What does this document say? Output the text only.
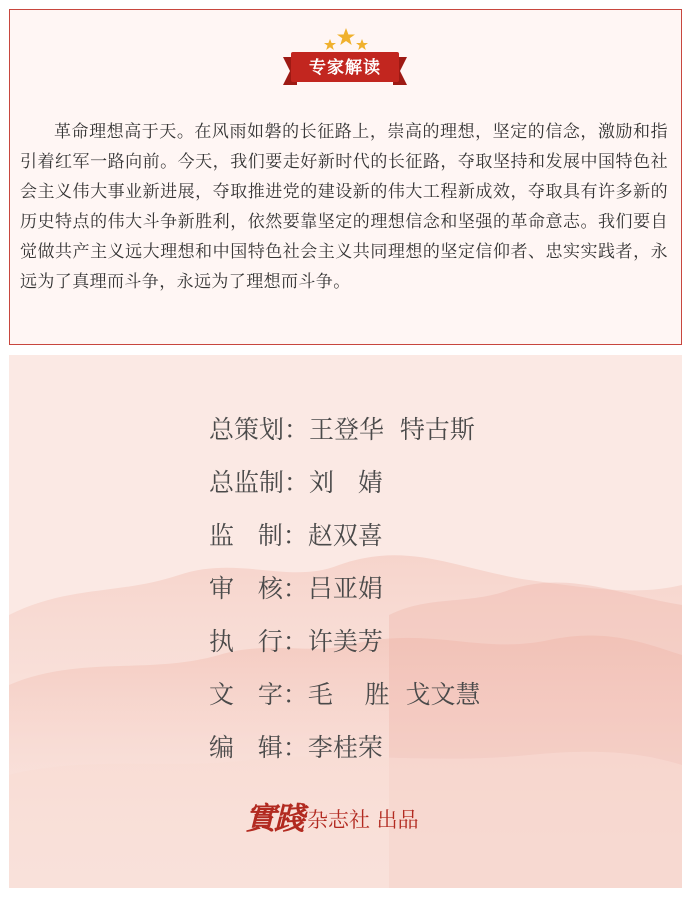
专家解读

革命理想高于天。在风雨如磐的长征路上，崇高的理想，坚定的信念，激励和指引着红军一路向前。今天，我们要走好新时代的长征路，夺取坚持和发展中国特色社会主义伟大事业新进展，夺取推进党的建设新的伟大工程新成效，夺取具有许多新的历史特点的伟大斗争新胜利，依然要靠坚定的理想信念和坚强的革命意志。我们要自觉做共产主义远大理想和中国特色社会主义共同理想的坚定信仰者、忠实实践者，永远为了真理而斗争，永远为了理想而斗争。

总策划：王登华  特古斯
总监制：刘   婧
监   制：赵双喜
审   核：吕亚娟
执   行：许美芳
文   字：毛    胜  戈文慧
编   辑：李桂荣
實踐 杂志社 出品
